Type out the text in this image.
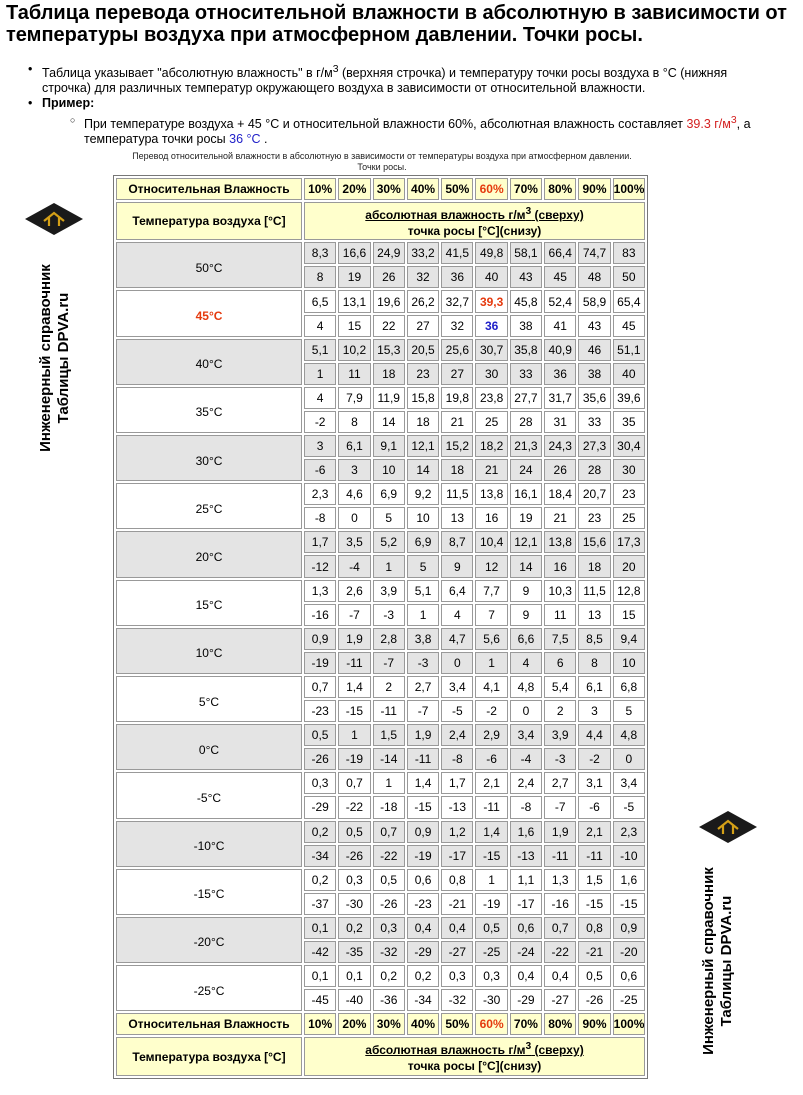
Таблица перевода относительной влажности в абсолютную в зависимости от температуры воздуха при атмосферном давлении. Точки росы.
• Таблица указывает "абсолютную влажность" в $г/м^3$ (верхняя строчка) и температуру точки росы воздуха в °С (нижняя строчка) для различных температур окружающего воздуха в зависимости от относительной влажности.
• Пример:
○ При температуре воздуха + 45 °С и относительной влажности 60%, абсолютная влажность составляет 39.3 $г/м^3$, а температура точки росы 36 °С .
Перевод относительной влажности в абсолютную в зависимости от температуры воздуха при атмосферном давлении.
Точки росы.
Относительная Влажность	10%	20%	30%	40%	50%	60%	70%	80%	90%	100%
Температура воздуха [°С]	абсолютная влажность $г/м^3$ (сверху)
точка росы [°С](снизу)									

50°С	8,3	16,6	24,9	33,2	41,5	49,8	58,1	66,4	74,7	83
	8	19	26	32	36	40	43	45	48	50
45°С	6,5	13,1	19,6	26,2	32,7	39,3	45,8	52,4	58,9	65,4
	4	15	22	27	32	36	38	41	43	45
40°С	5,1	10,2	15,3	20,5	25,6	30,7	35,8	40,9	46	51,1
	1	11	18	23	27	30	33	36	38	40
35°С	4	7,9	11,9	15,8	19,8	23,8	27,7	31,7	35,6	39,6
	-2	8	14	18	21	25	28	31	33	35
30°С	3	6,1	9,1	12,1	15,2	18,2	21,3	24,3	27,3	30,4
	-6	3	10	14	18	21	24	26	28	30
25°С	2,3	4,6	6,9	9,2	11,5	13,8	16,1	18,4	20,7	23
	-8	0	5	10	13	16	19	21	23	25
20°С	1,7	3,5	5,2	6,9	8,7	10,4	12,1	13,8	15,6	17,3
	-12	-4	1	5	9	12	14	16	18	20
15°С	1,3	2,6	3,9	5,1	6,4	7,7	9	10,3	11,5	12,8
	-16	-7	-3	1	4	7	9	11	13	15
10°С	0,9	1,9	2,8	3,8	4,7	5,6	6,6	7,5	8,5	9,4
	-19	-11	-7	-3	0	1	4	6	8	10
5°С	0,7	1,4	2	2,7	3,4	4,1	4,8	5,4	6,1	6,8
	-23	-15	-11	-7	-5	-2	0	2	3	5
0°С	0,5	1	1,5	1,9	2,4	2,9	3,4	3,9	4,4	4,8
	-26	-19	-14	-11	-8	-6	-4	-3	-2	0
-5°С	0,3	0,7	1	1,4	1,7	2,1	2,4	2,7	3,1	3,4
	-29	-22	-18	-15	-13	-11	-8	-7	-6	-5
-10°С	0,2	0,5	0,7	0,9	1,2	1,4	1,6	1,9	2,1	2,3
	-34	-26	-22	-19	-17	-15	-13	-11	-11	-10
-15°С	0,2	0,3	0,5	0,6	0,8	1	1,1	1,3	1,5	1,6
	-37	-30	-26	-23	-21	-19	-17	-16	-15	-15
-20°С	0,1	0,2	0,3	0,4	0,4	0,5	0,6	0,7	0,8	0,9
	-42	-35	-32	-29	-27	-25	-24	-22	-21	-20
-25°С	0,1	0,1	0,2	0,2	0,3	0,3	0,4	0,4	0,5	0,6
	-45	-40	-36	-34	-32	-30	-29	-27	-26	-25
Относительная Влажность	10%	20%	30%	40%	50%	60%	70%	80%	90%	100%
Температура воздуха [°С]	абсолютная влажность $г/м^3$ (сверху)
точка росы [°С](снизу)									
Инженерный справочник Таблицы DPVA.ru
Инженерный справочник Таблицы DPVA.ru
